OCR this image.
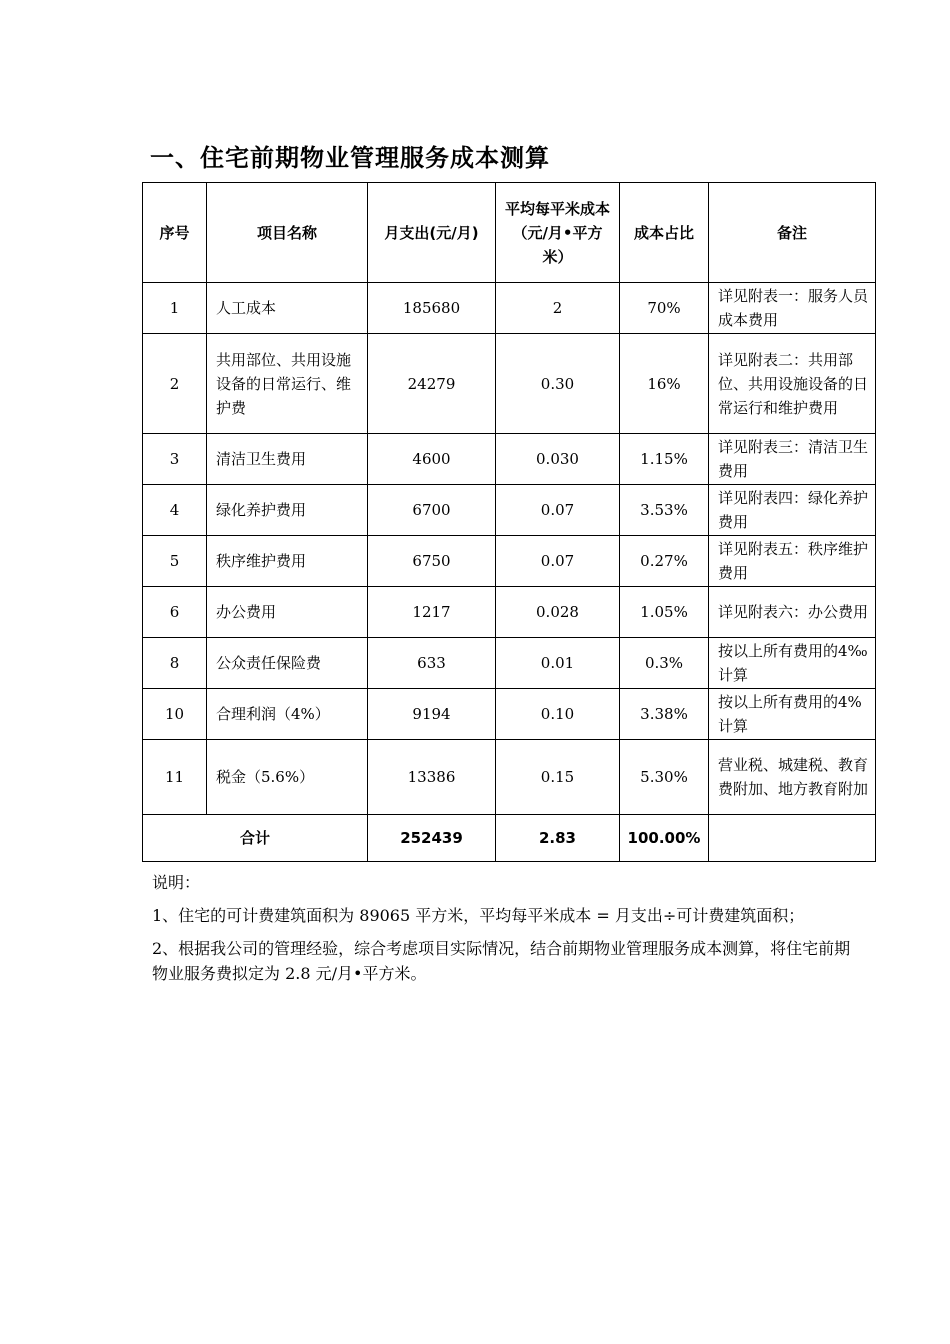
一、住宅前期物业管理服务成本测算
序号	项目名称	月支出(元/月)	平均每平米成本（元/月•平方米）	成本占比	备注
1	人工成本	185680	2	70%	详见附表一：服务人员成本费用
2	共用部位、共用设施设备的日常运行、维护费	24279	0.30	16%	详见附表二：共用部位、共用设施设备的日常运行和维护费用
3	清洁卫生费用	4600	0.030	1.15%	详见附表三：清洁卫生费用
4	绿化养护费用	6700	0.07	3.53%	详见附表四：绿化养护费用
5	秩序维护费用	6750	0.07	0.27%	详见附表五：秩序维护费用
6	办公费用	1217	0.028	1.05%	详见附表六：办公费用
8	公众责任保险费	633	0.01	0.3%	按以上所有费用的4‰计算
10	合理利润（4%）	9194	0.10	3.38%	按以上所有费用的4%计算
11	税金（5.6%）	13386	0.15	5.30%	营业税、城建税、教育费附加、地方教育附加
合计		252439	2.83	100.00%	

说明：

1、住宅的可计费建筑面积为 89065 平方米，平均每平米成本 = 月支出÷可计费建筑面积；

2、根据我公司的管理经验，综合考虑项目实际情况，结合前期物业管理服务成本测算，将住宅前期物业服务费拟定为 2.8 元/月•平方米。
